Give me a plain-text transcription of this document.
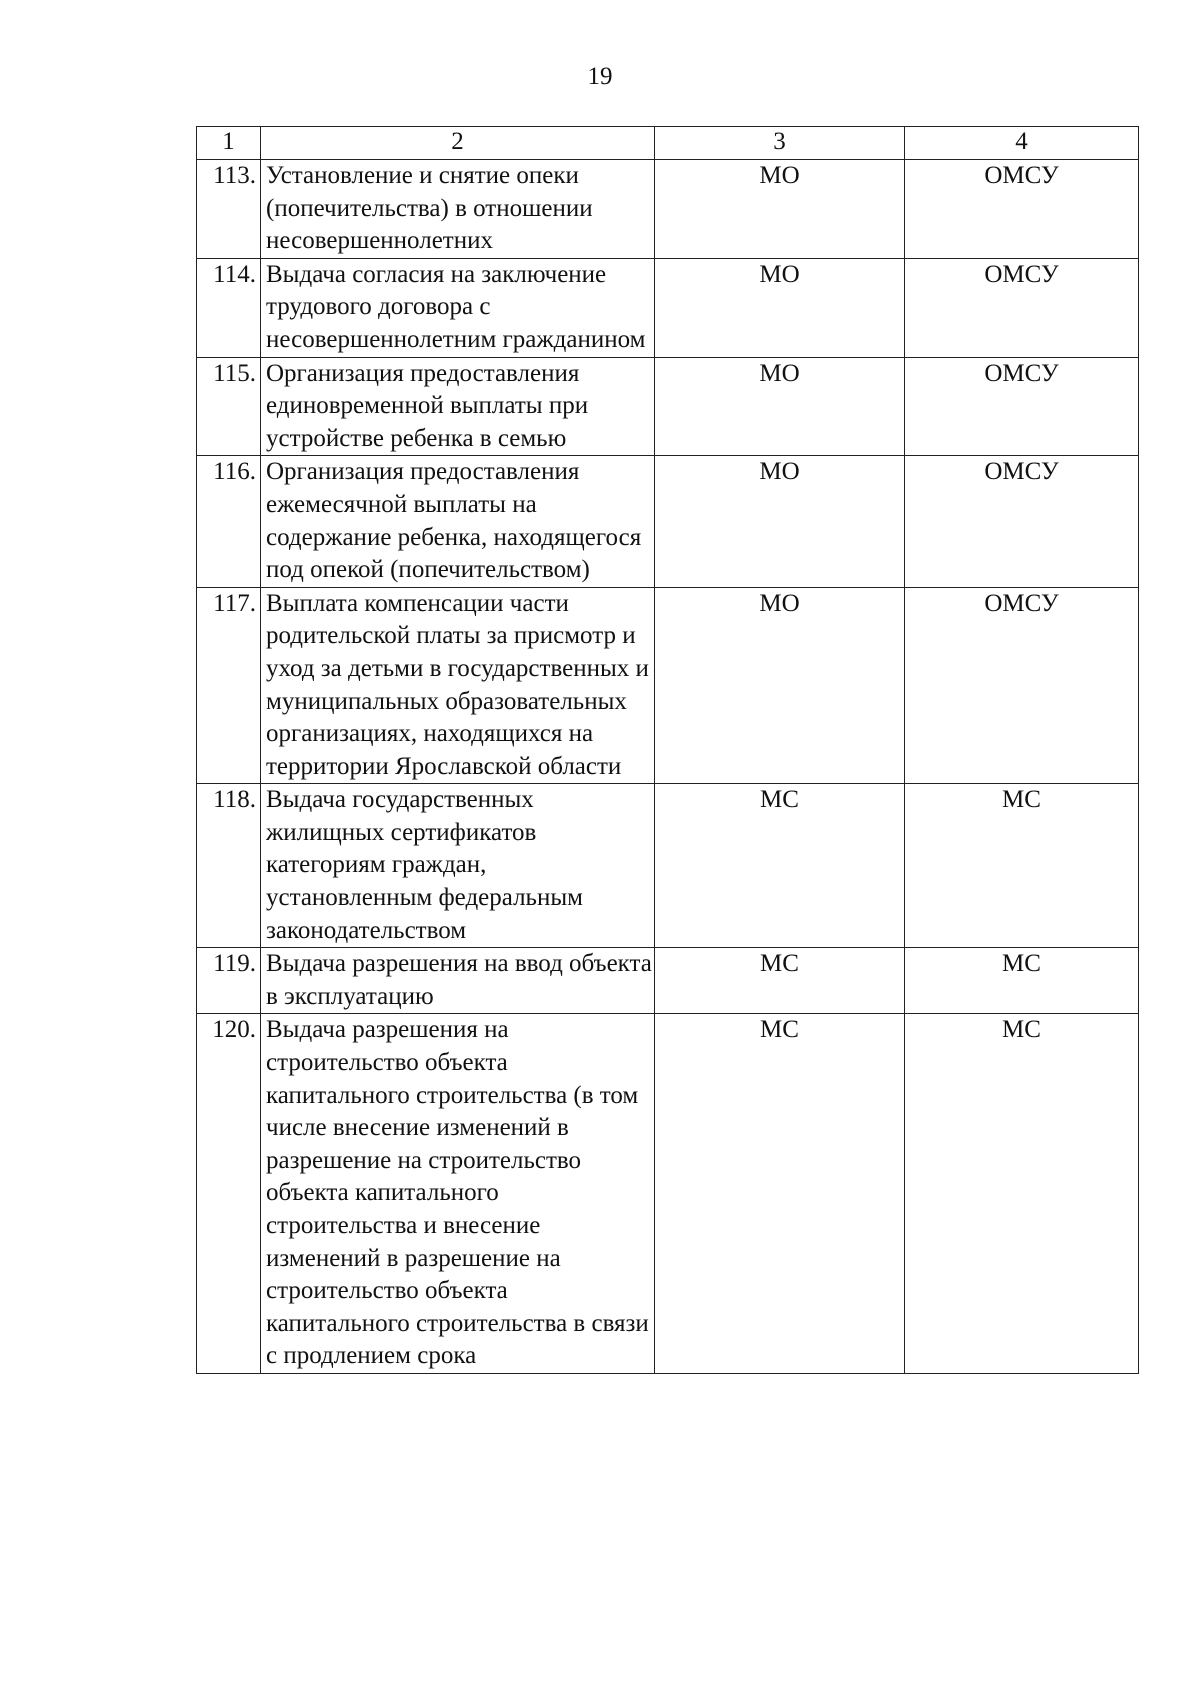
19
1	2	3	4
113.	Установление и снятие опеки (попечительства) в отношении несовершеннолетних	МО	ОМСУ
114.	Выдача согласия на заключение трудового договора с несовершеннолетним гражданином	МО	ОМСУ
115.	Организация предоставления единовременной выплаты при устройстве ребенка в семью	МО	ОМСУ
116.	Организация предоставления ежемесячной выплаты на содержание ребенка, находящегося под опекой (попечительством)	МО	ОМСУ
117.	Выплата компенсации части родительской платы за присмотр и уход за детьми в государственных и муниципальных образовательных организациях, находящихся на территории Ярославской области	МО	ОМСУ
118.	Выдача государственных жилищных сертификатов категориям граждан, установленным федеральным законодательством	МС	МС
119.	Выдача разрешения на ввод объекта в эксплуатацию	МС	МС
120.	Выдача разрешения на строительство объекта капитального строительства (в том числе внесение изменений в разрешение на строительство объекта капитального строительства и внесение изменений в разрешение на строительство объекта капитального строительства в связи с продлением срока	МС	МС
